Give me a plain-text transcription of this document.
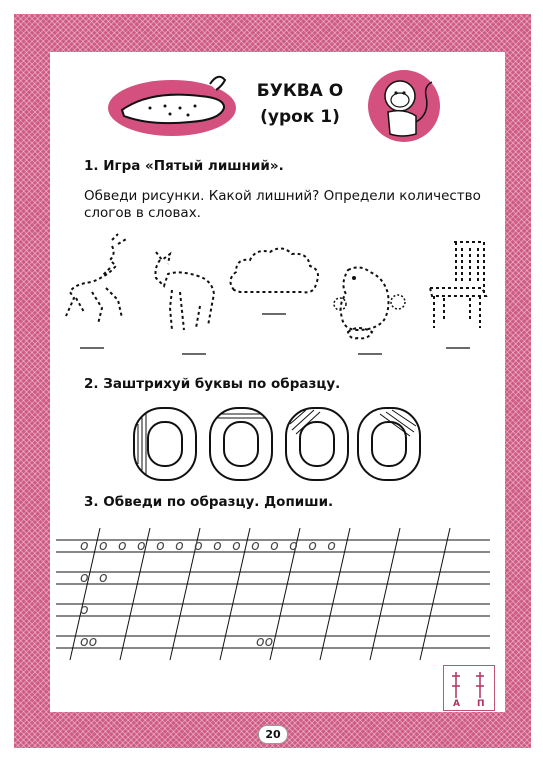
БУКВА О
(урок 1)
1. Игра «Пятый лишний».
Обведи рисунки. Какой лишний? Определи количество слогов в словах.
2. Заштрихуй буквы по образцу.
3. Обведи по образцу. Допиши.
о о о о о о о о о о о о о о
о о
о
оо	оо
А П
20
